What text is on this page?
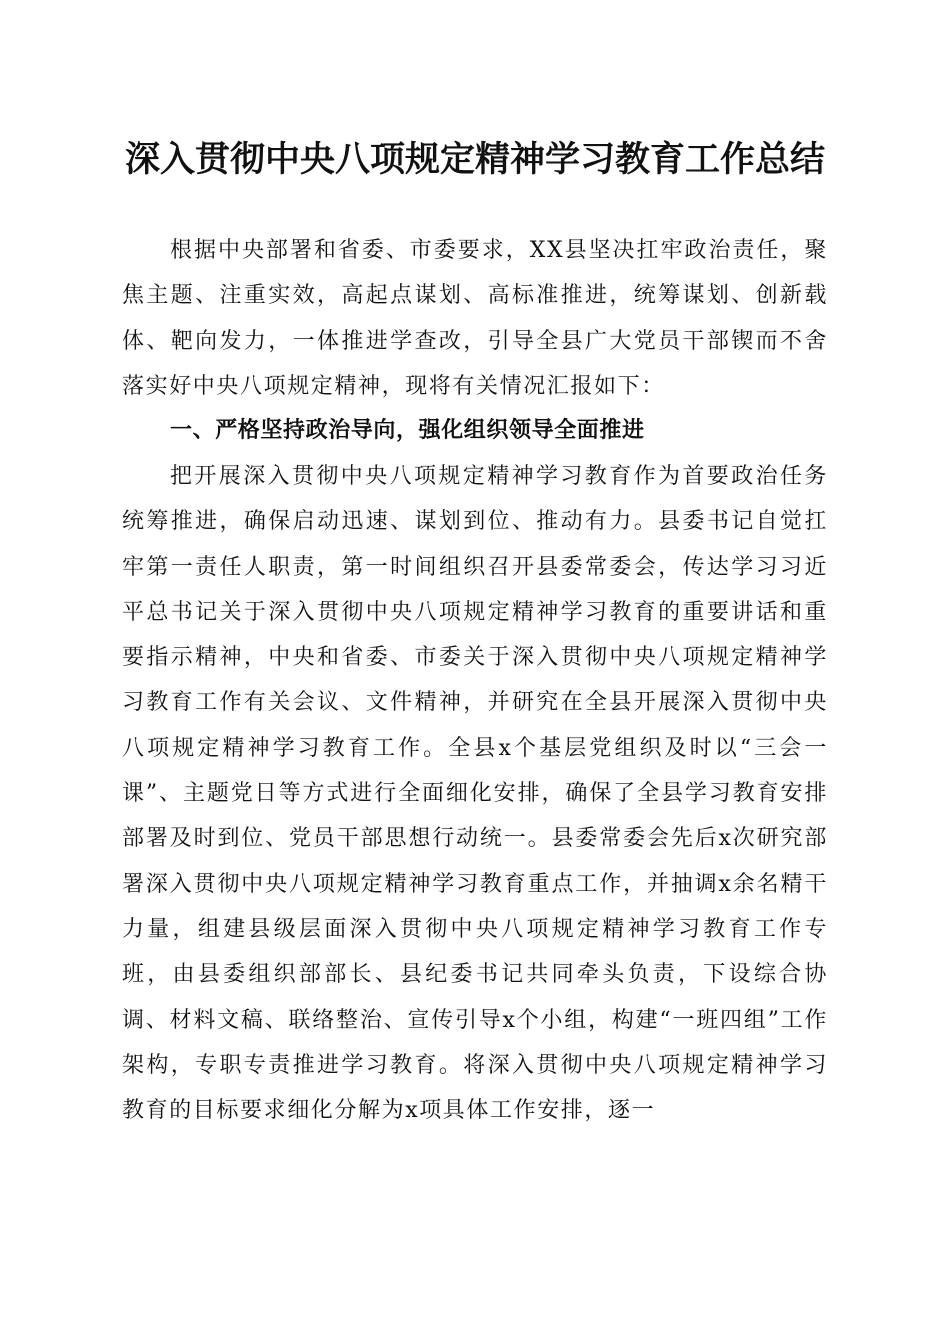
深入贯彻中央八项规定精神学习教育工作总结

根据中央部署和省委、市委要求，XX县坚决扛牢政治责任，聚焦主题、注重实效，高起点谋划、高标准推进，统筹谋划、创新载体、靶向发力，一体推进学查改，引导全县广大党员干部锲而不舍落实好中央八项规定精神，现将有关情况汇报如下：

一、严格坚持政治导向，强化组织领导全面推进

把开展深入贯彻中央八项规定精神学习教育作为首要政治任务统筹推进，确保启动迅速、谋划到位、推动有力。县委书记自觉扛牢第一责任人职责，第一时间组织召开县委常委会，传达学习习近平总书记关于深入贯彻中央八项规定精神学习教育的重要讲话和重要指示精神，中央和省委、市委关于深入贯彻中央八项规定精神学习教育工作有关会议、文件精神，并研究在全县开展深入贯彻中央八项规定精神学习教育工作。全县x个基层党组织及时以“三会一课”、主题党日等方式进行全面细化安排，确保了全县学习教育安排部署及时到位、党员干部思想行动统一。县委常委会先后x次研究部署深入贯彻中央八项规定精神学习教育重点工作，并抽调x余名精干力量，组建县级层面深入贯彻中央八项规定精神学习教育工作专班，由县委组织部部长、县纪委书记共同牵头负责，下设综合协调、材料文稿、联络整治、宣传引导x个小组，构建“一班四组”工作架构，专职专责推进学习教育。将深入贯彻中央八项规定精神学习教育的目标要求细化分解为x项具体工作安排，逐一
